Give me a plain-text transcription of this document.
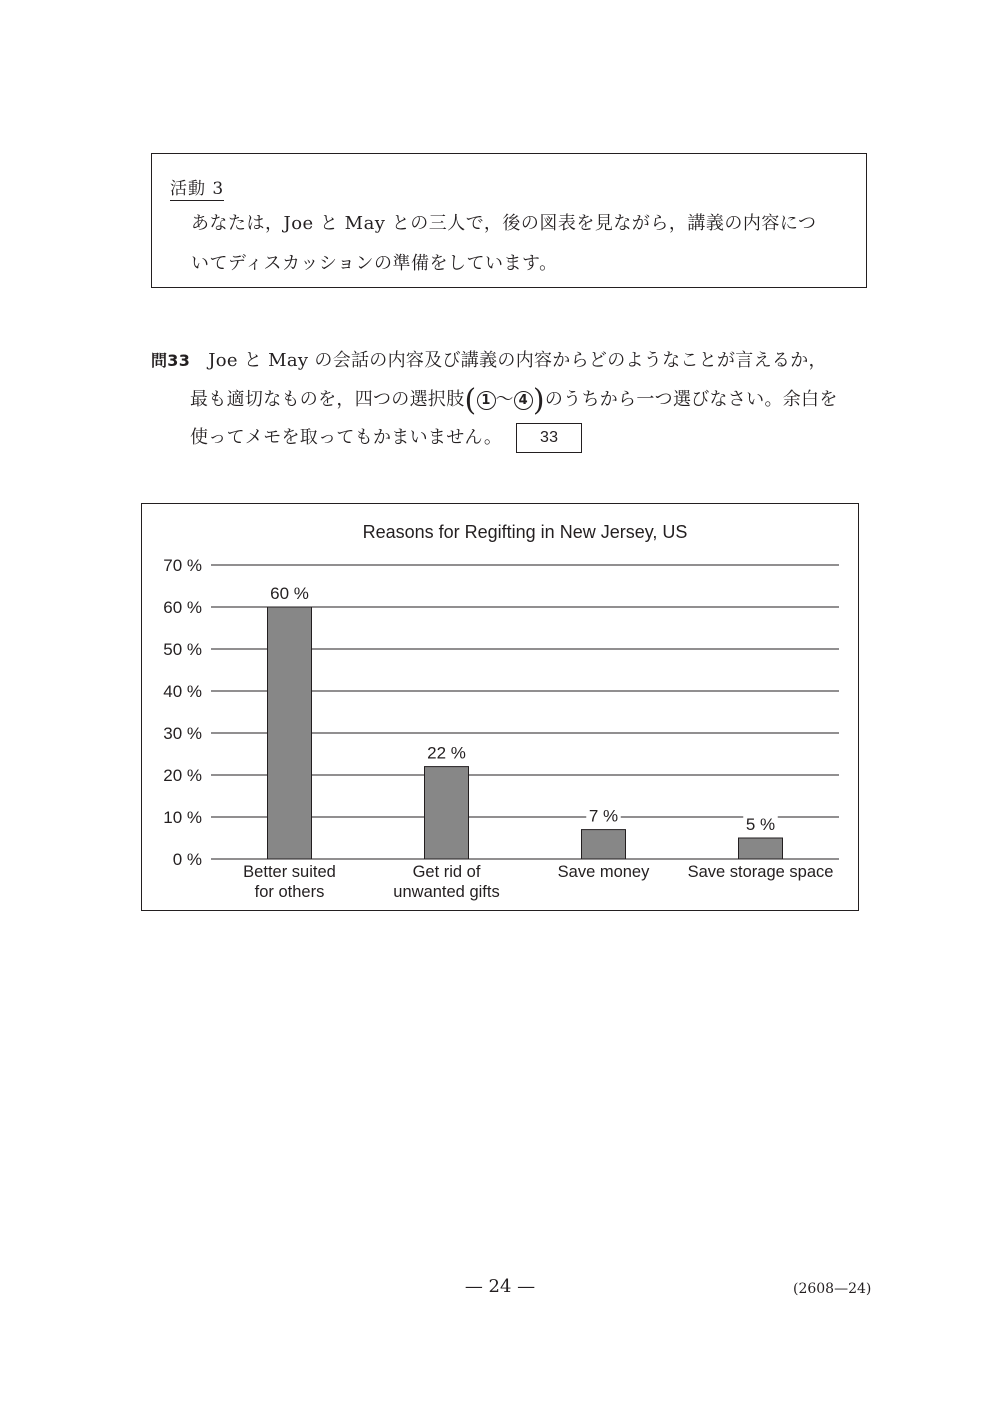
活動 3
あなたは，Joe と May との三人で，後の図表を見ながら，講義の内容につ
いてディスカッションの準備をしています。
問33 Joe と May の会話の内容及び講義の内容からどのようなことが言えるか，
最も適切なものを，四つの選択肢( 1 ～ 4 )のうちから一つ選びなさい。余白を
使ってメモを取ってもかまいません。 33
Reasons for Regifting in New Jersey, US
0 %
10 %
20 %
30 %
40 %
50 %
60 %
70 %
60 %
Better suited
for others
22 %
Get rid of
unwanted gifts
7 %
Save money
5 %
Save storage space
— 24 —	(2608—24)
